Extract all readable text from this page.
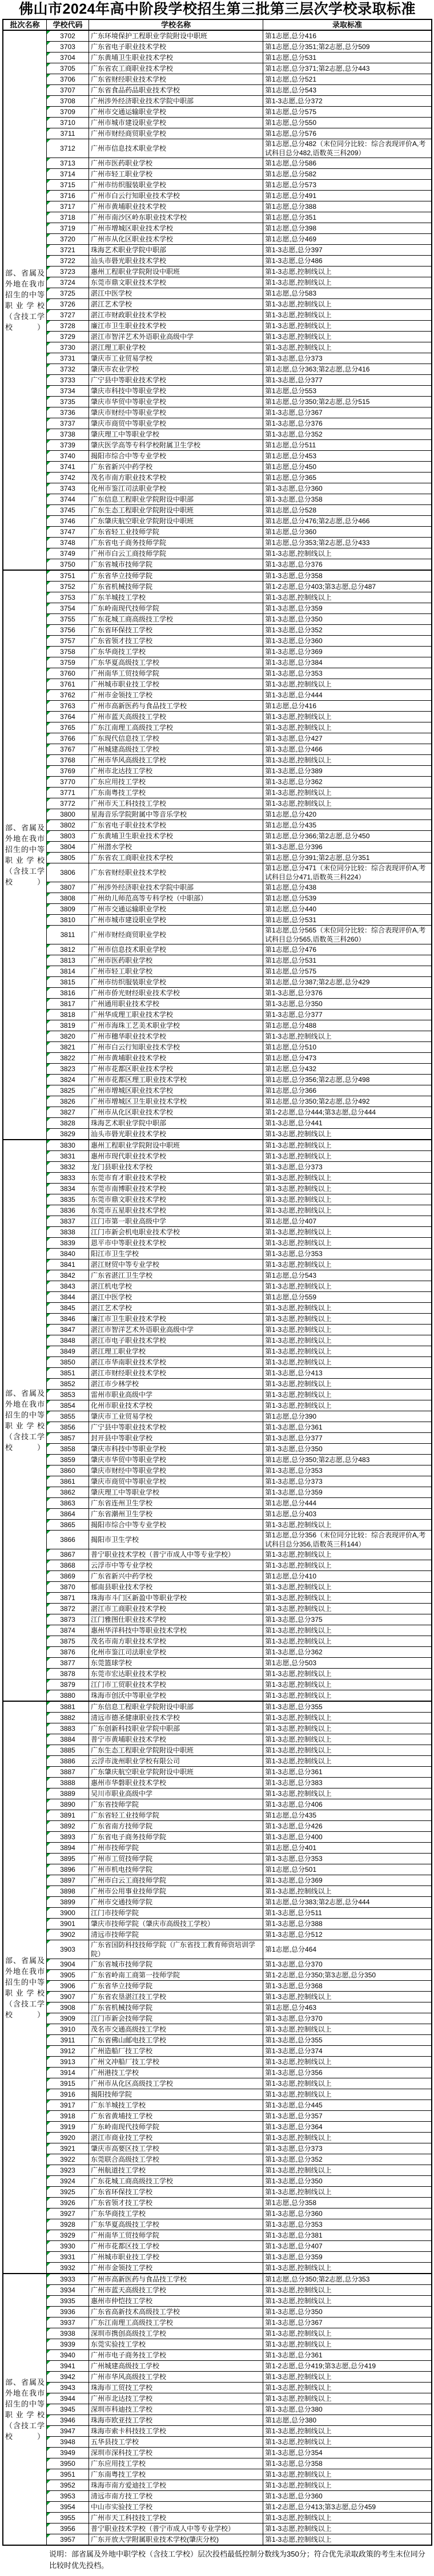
佛山市2024年高中阶段学校招生第三批第三层次学校录取标准
批次名称	学校代码	学校名称	录取标准
部、省属及外地在我市招生的中等职业学校（含技工学校）
3702 广东环境保护工程职业学院附设中职班	第1志愿,总分416
3703 广东省电子职业技术学校	第1志愿,总分351;第2志愿,总分509
3704 广东黄埔卫生职业技术学校	第1志愿,总分531
3705 广东省农工商职业技术学校	第1志愿,总分371;第2志愿,总分443
3706 广东省财经职业技术学校	第1志愿,总分521
3707 广东省食品药品职业技术学校	第1志愿,总分543
3708 广州涉外经济职业技术学院中职部	第1-3志愿,总分372
3709 广州市交通运输职业学校	第1志愿,总分575
3710 广州市城市建设职业学校	第1志愿,总分550
3711 广州市财经商贸职业学校	第1志愿,总分576
3712 广州市信息技术职业学校
第1志愿,总分482（末位同分比较：综合表现评价A,考试科目总分482,语数英三科209）
3713 广州市医药职业学校	第1志愿,总分586
3714 广州市轻工职业学校	第1志愿,总分582
3715 广州市纺织服装职业学校	第1志愿,总分573
3716 广州市白云行知职业技术学校	第1志愿,总分491
3717 广州市黄埔职业技术学校	第1志愿,总分388
3718 广州市南沙区岭东职业技术学校	第1志愿,总分351
3719 广州市增城区职业技术学校	第1志愿,总分398
3720 广州市从化区职业技术学校	第1志愿,总分469
3721 珠海艺术职业学院中职部	第1-3志愿,总分397
3722 汕头市礐光职业技术学校	第1-3志愿,总分486
3723 惠州工程职业学院附设中职班	第1-3志愿,控制线以上
3724 东莞市鼎文职业技术学校	第1-3志愿,控制线以上
3725 湛江中医学校	第1志愿,总分583
3726 湛江艺术学校	第1-3志愿,控制线以上
3727 湛江市财政职业技术学校	第1-3志愿,控制线以上
3728 廉江市卫生职业技术学校	第1-3志愿,控制线以上
3729 湛江市智洋艺术外语职业高级中学	第1-3志愿,控制线以上
3730 湛江理工职业学校	第1-3志愿,控制线以上
3731 肇庆市工业贸易学校	第1-3志愿,总分373
3732 肇庆市农业学校	第1志愿,总分363;第2志愿,总分416
3733 广宁县中等职业技术学校	第1-3志愿,总分377
3734 肇庆市科技中等职业学校	第1志愿,总分553
3735 肇庆市华贸中等职业学校	第1志愿,总分350;第2志愿,总分515
3736 肇庆市财经中等职业学校	第1-3志愿,总分367
3737 肇庆市商贸中等职业学校	第1-3志愿,总分376
3738 肇庆理工中等职业学校	第1-3志愿,总分352
3739 肇庆医学高等专科学校附属卫生学校	第1志愿,总分511
3740 揭阳市综合中等专业学校	第1志愿,总分453
3741 广东省新兴中药学校	第1志愿,总分450
3742 茂名市南方职业技术学校	第1志愿,总分365
3743 化州市鉴江司法职业学校	第1-3志愿,总分360
3744 广东信息工程职业学院附设中职部	第1-3志愿,总分358
3745 广东生态工程职业学院附设中职班	第1志愿,总分528
3746 广东肇庆航空职业学院附设中职班	第1志愿,总分476;第2志愿,总分466
3747 广东省轻工业技师学院	第1志愿,总分360
3748 广东省电子商务技师学院	第1志愿,总分353;第2志愿,总分433
3749 广州市白云工商技师学院	第1-3志愿,控制线以上
3750 广东省城市技师学院	第1-3志愿,总分376
部、省属及外地在我市招生的中等职业学校（含技工学校）
3751 广东省华立技师学院	第1-3志愿,总分358
3752 广东省机械技师学院	第1-2志愿,总分403;第3志愿,总分487
3753 广东羊城技工学校	第1-3志愿,控制线以上
3754 广东岭南现代技师学院	第1-3志愿,总分359
3755 广东花城工商高级技工学校	第1-3志愿,总分350
3756 广东省环保技工学校	第1-3志愿,总分352
3757 广东省领才技工学校	第1-3志愿,总分360
3758 广东华商技工学校	第1-3志愿,总分369
3759 广东华夏高级技工学校	第1-3志愿,总分384
3760 广州南华工贸技师学院	第1-3志愿,总分353
3761 广州城市职业技工学校	第1-3志愿,控制线以上
3762 广州市金领技工学校	第1-3志愿,总分444
3763 广州市高新医药与食品技工学校	第1志愿,总分416
3764 广州市蓝天高级技工学校	第1-3志愿,控制线以上
3765 广东江南理工高级技工学校	第1-3志愿,控制线以上
3766 广东现代信息技工学校	第1-3志愿,总分427
3767 广州城建高级技工学校	第1-3志愿,总分466
3768 广州市华风高级技工学校	第1-3志愿,控制线以上
3769 广州市北达技工学校	第1-3志愿,总分389
3770 广东应用技工学校	第1-3志愿,总分362
3771 广东南粤技工学校	第1-3志愿,控制线以上
3772 广州市天工科技技工学校	第1-3志愿,控制线以上
3800 星海音乐学院附属中等音乐学校	第1志愿,总分420
3802 广东省电子职业技术学校	第1志愿,总分435
3803 广东黄埔卫生职业技术学校	第1志愿,总分366;第2志愿,总分450
3804 广州潜水学校	第1-3志愿,总分396
3805 广东省农工商职业技术学校	第1志愿,总分391;第2志愿,总分351
3806 广东省财经职业技术学校
第1志愿,总分471（末位同分比较：综合表现评价A,考试科目总分471,语数英三科224）
3807 广州涉外经济职业技术学院中职部	第1志愿,总分438
3808 广州幼儿师范高等专科学校（中职部）	第1志愿,总分539
3809 广州市交通运输职业学校	第1志愿,总分440
3810 广州市城市建设职业学校	第1志愿,总分531
3811 广州市财经商贸职业学校
第1志愿,总分565（末位同分比较：综合表现评价A,考试科目总分565,语数英三科260）
3812 广州市信息技术职业学校	第1志愿,总分476
3813 广州市医药职业学校	第1志愿,总分531
3814 广州市轻工职业学校	第1志愿,总分575
3815 广州市纺织服装职业学校	第1志愿,总分387;第2志愿,总分429
3816 广州市侨光财经职业技术学校	第1-3志愿,总分376
3817 广州通用职业技术学校	第1-3志愿,总分350
3818 广州华成理工职业技术学校	第1-3志愿,总分377
3819 广州市海珠工艺美术职业学校	第1志愿,总分488
3820 广州市穗华职业技术学校	第1-3志愿,控制线以上
3821 广州市白云行知职业技术学校	第1志愿,总分510
3822 广州市黄埔职业技术学校	第1志愿,总分473
3823 广州市花都区职业技术学校	第1志愿,总分432
3824 广州市花都区理工职业技术学校	第1志愿,总分356;第2志愿,总分498
3825 广州市增城区职业技术学校	第1志愿,总分366
3826 广州市增城区卫生职业技术学校	第1志愿,总分350;第2志愿,总分492
3827 广州市从化区职业技术学校	第1-2志愿,总分444;第3志愿,总分444
3828 珠海艺术职业学院中职部	第1-3志愿,总分441
3829 汕头市礐光职业技术学校	第1-3志愿,控制线以上
部、省属及外地在我市招生的中等职业学校（含技工学校）
3830 惠州工程职业学院附设中职班	第1-3志愿,控制线以上
3831 惠州市现代职业技术学校	第1-3志愿,控制线以上
3832 龙门县职业技术学校	第1-3志愿,总分373
3833 东莞市育才职业技术学校	第1-3志愿,控制线以上
3834 东莞市南博职业技术学校	第1-3志愿,控制线以上
3835 东莞市鼎文职业技术学校	第1-3志愿,控制线以上
3836 东莞市五星职业技术学校	第1-3志愿,控制线以上
3837 江门市第一职业高级中学	第1志愿,总分407
3838 江门市新会机电职业技术学校	第1-3志愿,控制线以上
3839 恩平市中等职业技术学校	第1-3志愿,控制线以上
3840 阳江市卫生学校	第1-3志愿,总分353
3841 湛江财贸中等专业学校	第1-3志愿,控制线以上
3842 广东省湛江卫生学校	第1志愿,总分543
3843 湛江机电学校	第1-3志愿,控制线以上
3844 湛江中医学校	第1志愿,总分559
3845 湛江艺术学校	第1-3志愿,控制线以上
3846 廉江市卫生职业技术学校	第1-3志愿,控制线以上
3847 湛江市智洋艺术外语职业高级中学	第1-3志愿,控制线以上
3848 湛江市电子职业技术学校	第1-3志愿,控制线以上
3849 湛江理工职业学校	第1-3志愿,控制线以上
3850 湛江市华南职业技术学校	第1-3志愿,控制线以上
3851 湛江市财经职业技术学校	第1-3志愿,总分413
3852 湛江市少林学校	第1-3志愿,控制线以上
3853 雷州市职业高级中学	第1-3志愿,控制线以上
3854 化州市职业技术学校	第1-3志愿,控制线以上
3855 肇庆市工业贸易学校	第1志愿,总分390
3856 广宁县中等职业技术学校	第1-3志愿,总分361
3857 封开县中等职业学校	第1-3志愿,总分377
3858 肇庆市科技中等职业学校	第1-3志愿,总分350
3859 肇庆市华贸中等职业学校	第1志愿,总分350;第2志愿,总分483
3860 肇庆市财经中等职业学校	第1-3志愿,总分353
3861 肇庆市商贸中等职业学校	第1-3志愿,总分373
3862 肇庆理工中等职业学校	第1-3志愿,总分359
3863 广东省连州卫生学校	第1志愿,总分444
3864 广东省潮州卫生学校	第1志愿,总分403
3865 揭阳市综合中等专业学校	第1-3志愿,控制线以上
3866 揭阳市卫生学校
第1志愿,总分356（末位同分比较：综合表现评价A,考试科目总分356,语数英三科144）
3867 普宁职业技术学校（普宁市成人中等专业学校）	第1-3志愿,控制线以上
3868 云浮市中等专业学校	第1-3志愿,控制线以上
3869 广东省新兴中药学校	第1志愿,总分410
3870 郁南县职业技术学校	第1-3志愿,控制线以上
3871 珠海市斗门区新盈中等职业学校	第1-3志愿,控制线以上
3872 湛江市工商职业技术学校	第1-3志愿,控制线以上
3873 江门雅图仕职业技术学校	第1-3志愿,总分375
3874 惠州华洋科技中等职业技术学校	第1-3志愿,控制线以上
3875 茂名市南方职业技术学校	第1-3志愿,控制线以上
3876 化州市鉴江司法职业学校	第1-3志愿,总分362
3877 东莞篮球学校	第1志愿,总分503
3878 东莞市宏达职业技术学校	第1-3志愿,控制线以上
3879 江门市工贸职业技术学校	第1-3志愿,控制线以上
3880 珠海市创沃中等职业学校	第1-3志愿,控制线以上
部、省属及外地在我市招生的中等职业学校（含技工学校）
3881 广东信息工程职业学院附设中职部	第1-3志愿,总分355
3882 清远市德圣健康职业技术学校	第1-3志愿,控制线以上
3883 广东创新科技职业学院中职部	第1-3志愿,控制线以上
3884 普宁市黄埔职业技术学校	第1-3志愿,控制线以上
3885 广东生态工程职业学院附设中职班	第1-3志愿,控制线以上
3886 云浮市泷州职业学校有限公司	第1-3志愿,控制线以上
3887 广东肇庆航空职业学院附设中职班	第1-3志愿,总分361
3888 惠州市华磐职业技术学校	第1-3志愿,总分383
3889 吴川市职业高级中学	第1-3志愿,控制线以上
3890 广东省技师学院	第1-3志愿,总分406
3891 广东省轻工业技师学院	第1志愿,总分435
3892 广东省南方技师学院	第1-3志愿,总分426
3893 广东省电子商务技师学院	第1-3志愿,总分400
3894 广州市技师学院	第1志愿,总分401
3895 广州市工贸技师学院	第1-3志愿,总分353
3896 广州市机电技师学院	第1志愿,总分501
3897 广州市白云工商技师学院	第1-3志愿,总分369
3898 广州市公用事业技师学院	第1-3志愿,控制线以上
3899 广州市交通技师学院	第1志愿,总分383;第2志愿,总分444
3900 江门市技师学院	第1-3志愿,总分511
3901 肇庆市技师学院（肇庆市高级技工学校）	第1-3志愿,总分388
3902 清远市技师学院	第1-3志愿,总分512
3903
广东省国防科技技师学院（广东省技工教育师资培训学院）
第1志愿,总分464
3904 广东省城市技师学院	第1-3志愿,总分370
3905 广东省岭南工商第一技师学院	第1-2志愿,总分350;第3志愿,总分350
3906 广东省华立技师学院	第1-3志愿,总分368
3907 广东省农垦湛江技工学校	第1-3志愿,控制线以上
3908 广东省机械技师学院	第1志愿,总分463
3909 江门市新会技师学院	第1-3志愿,总分370
3910 茂名市交通高级技工学校	第1-3志愿,控制线以上
3911 广东省佛山邮电技工学校	第1-3志愿,总分355
3912 广州造船厂技工学校	第1-3志愿,总分374
3913 广州文冲船厂技工学校	第1-3志愿,控制线以上
3914 广州港技工学校	第1-3志愿,总分356
3915 广州市从化区高级技工学校	第1-3志愿,控制线以上
3916 揭阳技师学院	第1-3志愿,控制线以上
3917 广东羊城技工学校	第1-3志愿,总分445
3918 广东省黄埔技工学校	第1-3志愿,总分357
3919 广东岭南现代技师学院	第1-3志愿,总分364
3920 湛江市商业技工学校	第1-3志愿,控制线以上
3921 肇庆市高要区技工学校	第1-3志愿,总分373
3922 东莞联合高级技工学校	第1-3志愿,总分352
3923 广州航道技工学校	第1-3志愿,控制线以上
3924 广东花城工商高级技工学校	第1-3志愿,总分350
3925 广东省环保技工学校	第1-3志愿,控制线以上
3926 广东省领才技工学校	第1志愿,总分358
3927 广东华商技工学校	第1-3志愿,总分360
3928 广东华夏高级技工学校	第1-3志愿,总分353
3929 广州南华工贸技师学院	第1-3志愿,总分381
3930 广州市花都区技工学校	第1-3志愿,总分407
3931 广州城市职业技工学校	第1-3志愿,总分359
3932 广州市金领技工学校	第1-3志愿,控制线以上
部、省属及外地在我市招生的中等职业学校（含技工学校）
3933 广州市高新医药与食品技工学校	第1志愿,总分350;第2志愿,总分353
3934 广州市蓝天高级技工学校	第1-3志愿,控制线以上
3935 惠州市仲恺技工学校	第1-3志愿,控制线以上
3936 广东省高新技术高级技工学校	第1-3志愿,总分350
3937 广东江南理工高级技工学校	第1-3志愿,总分367
3938 深圳市携创高级技工学校	第1-3志愿,控制线以上
3939 东莞实验技工学校	第1-3志愿,控制线以上
3940 广州市电子商务技工学校	第1-3志愿,总分361
3941 广州城建高级技工学校	第1-2志愿,总分419;第3志愿,总分419
3942 广州市华风高级技工学校	第1-3志愿,控制线以上
3943 珠海市工贸技工学校	第1-3志愿,控制线以上
3944 广州市北达技工学校	第1-3志愿,控制线以上
3945 深圳市科迪技工学校	第1-3志愿,总分380
3946 珠海市欧亚技工学校	第1志愿,总分380
3947 珠海市索卡科技技工学校	第1-3志愿,控制线以上
3948 五华县技工学校	第1-3志愿,控制线以上
3949 深圳市深科技工学校	第1-3志愿,总分354
3950 广东应用技工学校	第1-3志愿,总分358
3951 广东南粤技工学校	第1-3志愿,控制线以上
3952 珠海市南方爱迪技工学校	第1-3志愿,控制线以上
3953 清远市南方技工学校	第1-3志愿,总分360
3954 中山市实验技工学校	第1-2志愿,总分413;第3志愿,总分459
3955 广州市天工科技技工学校	第1-3志愿,控制线以上
3956 普宁职业技术学校（普宁市成人中等专业学校）	第1-3志愿,控制线以上
3957 广东开放大学附属职业技术学校(肇庆分校)	第1-3志愿,控制线以上
说明：部省属及外地中职学校（含技工学校）层次投档最低控制分数线为350分；符合优先录取政策的考生末位同分比较时优先投档。
